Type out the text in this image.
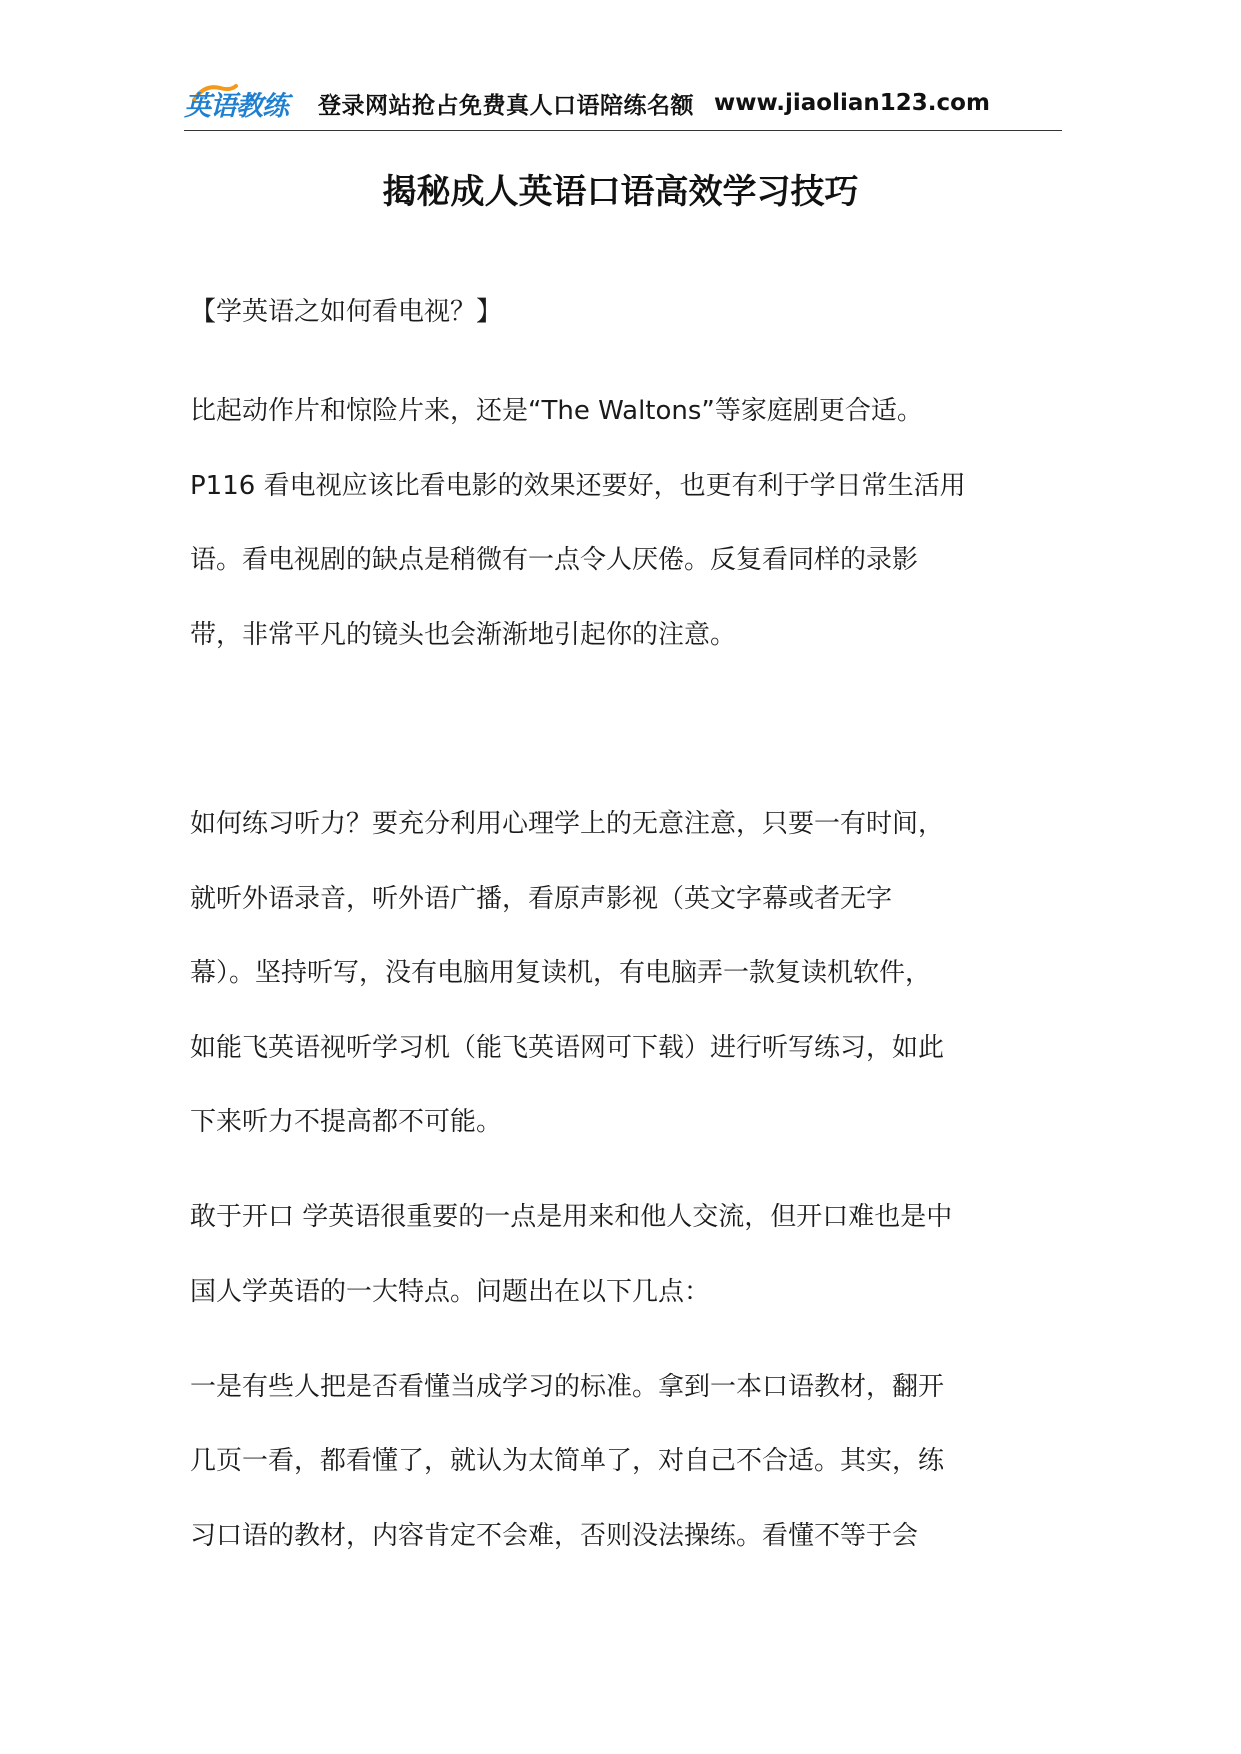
英语教练 登录网站抢占免费真人口语陪练名额 www.jiaolian123.com
揭秘成人英语口语高效学习技巧
【学英语之如何看电视？】
比起动作片和惊险片来，还是“The Waltons”等家庭剧更合适。
P116 看电视应该比看电影的效果还要好，也更有利于学日常生活用
语。看电视剧的缺点是稍微有一点令人厌倦。反复看同样的录影
带，非常平凡的镜头也会渐渐地引起你的注意。
如何练习听力？要充分利用心理学上的无意注意，只要一有时间，
就听外语录音，听外语广播，看原声影视（英文字幕或者无字
幕）。坚持听写，没有电脑用复读机，有电脑弄一款复读机软件，
如能飞英语视听学习机（能飞英语网可下载）进行听写练习，如此
下来听力不提高都不可能。
敢于开口 学英语很重要的一点是用来和他人交流，但开口难也是中
国人学英语的一大特点。问题出在以下几点：
一是有些人把是否看懂当成学习的标准。拿到一本口语教材，翻开
几页一看，都看懂了，就认为太简单了，对自己不合适。其实，练
习口语的教材，内容肯定不会难，否则没法操练。看懂不等于会
